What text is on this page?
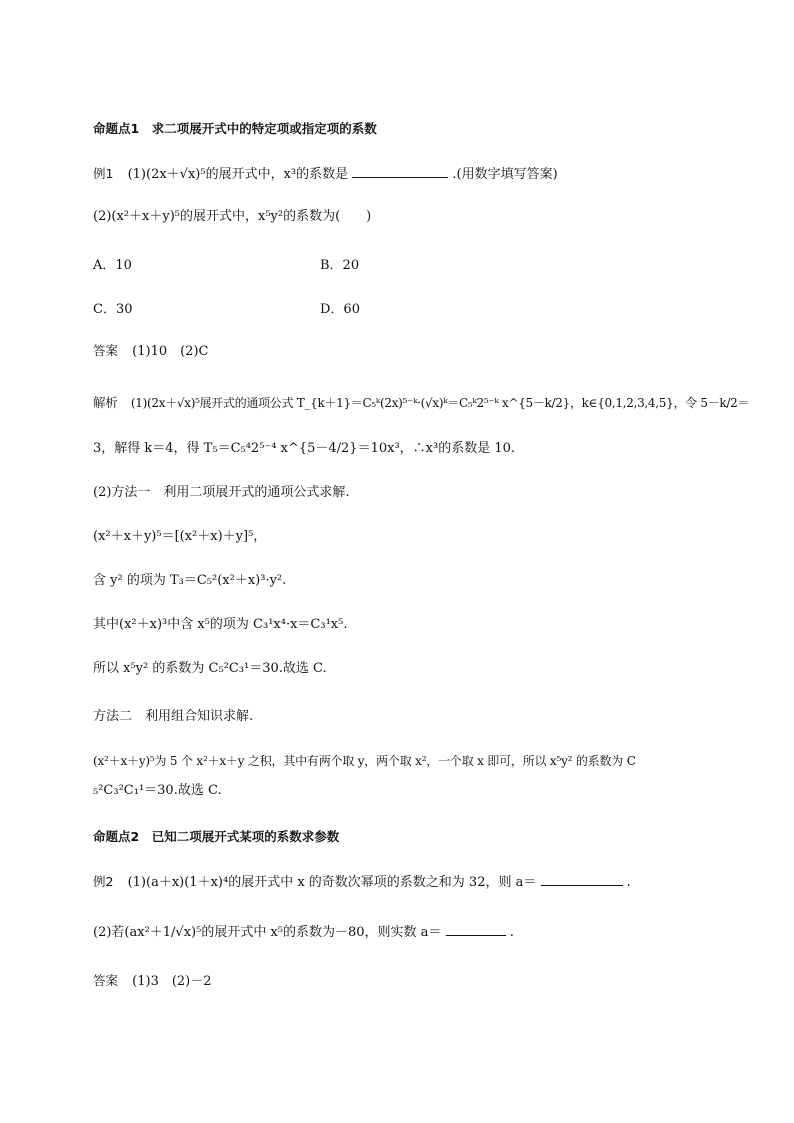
命题点1　求二项展开式中的特定项或指定项的系数
例1 (1)(2x＋√x)⁵的展开式中，x³的系数是	.(用数字填写答案)
(2)(x²＋x＋y)⁵的展开式中，x⁵y²的系数为(　　)
A．10	B．20
C．30	D．60
答案 (1)10　(2)C
解析 (1)(2x＋√x)⁵展开式的通项公式 T_{k＋1}＝C₅ᵏ(2x)⁵⁻ᵏ·(√x)ᵏ＝C₅ᵏ2⁵⁻ᵏ x^{5－k/2}，k∈{0,1,2,3,4,5}，令 5－k/2＝
3，解得 k＝4，得 T₅＝C₅⁴2⁵⁻⁴ x^{5－4/2}＝10x³，∴x³的系数是 10.
(2)方法一　利用二项展开式的通项公式求解.
(x²＋x＋y)⁵＝[(x²＋x)＋y]⁵，
含 y² 的项为 T₃＝C₅²(x²＋x)³·y².
其中(x²＋x)³中含 x⁵的项为 C₃¹x⁴·x＝C₃¹x⁵.
所以 x⁵y² 的系数为 C₅²C₃¹＝30.故选 C.
方法二　利用组合知识求解.
(x²＋x＋y)⁵为 5 个 x²＋x＋y 之积，其中有两个取 y，两个取 x²，一个取 x 即可，所以 x⁵y² 的系数为 C
₅²C₃²C₁¹＝30.故选 C.
命题点2　已知二项展开式某项的系数求参数
例2 (1)(a＋x)(1＋x)⁴的展开式中 x 的奇数次幂项的系数之和为 32，则 a＝	.
(2)若(ax²＋1/√x)⁵的展开式中 x⁵的系数为－80，则实数 a＝	.
答案 (1)3　(2)－2
